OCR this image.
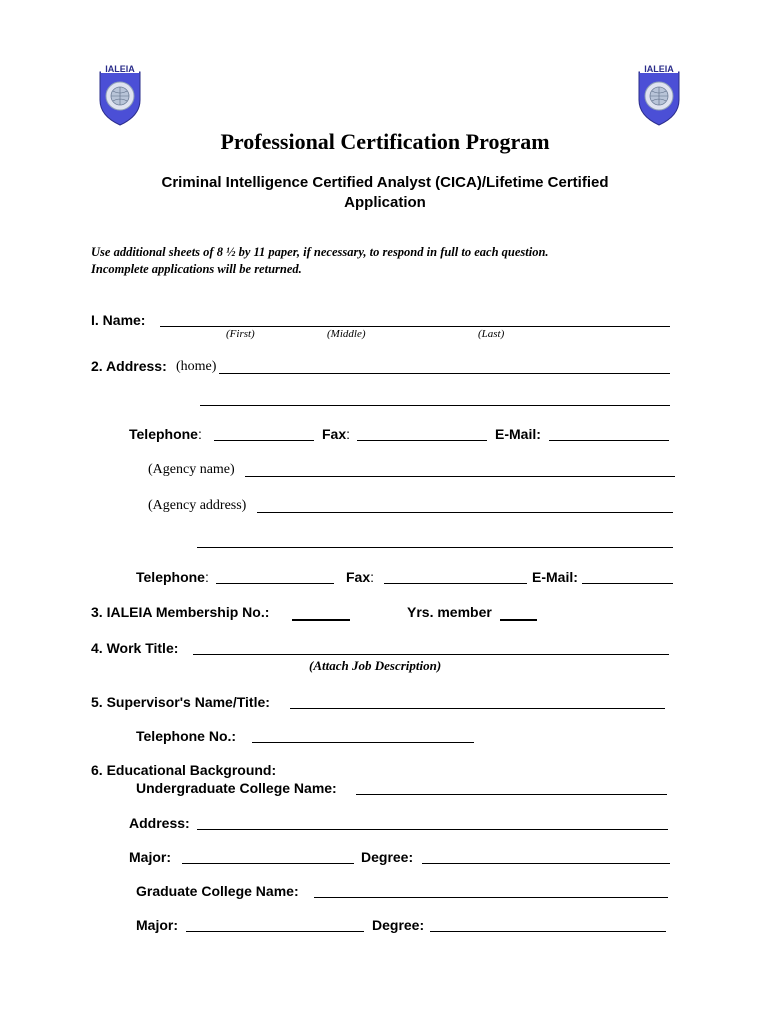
IALEIA	IALEIA
Professional Certification Program
Criminal Intelligence Certified Analyst (CICA)/Lifetime Certified
Application
Use additional sheets of 8 ½ by 11 paper, if necessary, to respond in full to each question.
Incomplete applications will be returned.
I. Name:
(First)	(Middle)	(Last)
2. Address: (home)
Telephone:	Fax:	E-Mail:
(Agency name)
(Agency address)
Telephone:	Fax:	E-Mail:
3. IALEIA Membership No.:	Yrs. member
4. Work Title:
(Attach Job Description)
5. Supervisor's Name/Title:
Telephone No.:
6. Educational Background:
Undergraduate College Name:
Address:
Major:	Degree:
Graduate College Name:
Major:	Degree:
